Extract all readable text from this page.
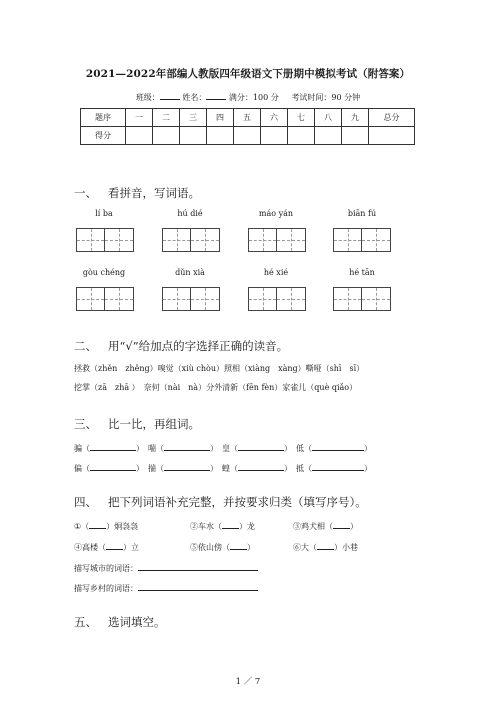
2021—2022年部编人教版四年级语文下册期中模拟考试（附答案）
班级：	姓名：	满分：100 分 考试时间：90 分钟
题序	一	二	三	四	五	六	七	八	九	总分
得分										
一、 看拼音，写词语。
lí ba	hú dié	máo yán	biān fú
gòu chéng	dǔn xià	hé xié	hé tān
二、 用“√”给加点的字选择正确的读音。
拯救（zhěn　zhěng）嗅觉（xiù chòu）照相（xiàng　xàng）嘶哑（shī　sī）
挖掌（zā　zhā ）　奈何（nài　nà）分外清新（fēn fèn）家雀儿（què qiǎo）
三、 比一比，再组词。
骗（	）　喘（	）　皇（	）　低（	）
偏（	）　揣（	）　蝗（	）　抵（	）
四、 把下列词语补充完整，并按要求归类（填写序号）。
①（ ）炯袅袅	②车水（ ）龙	③鸡犬相（ ）
④高楼（ ）立	⑤依山傍（ ）	⑥大（ ）小巷
描写城市的词语：
描写乡村的词语：
五、 选词填空。
1 ／ 7
